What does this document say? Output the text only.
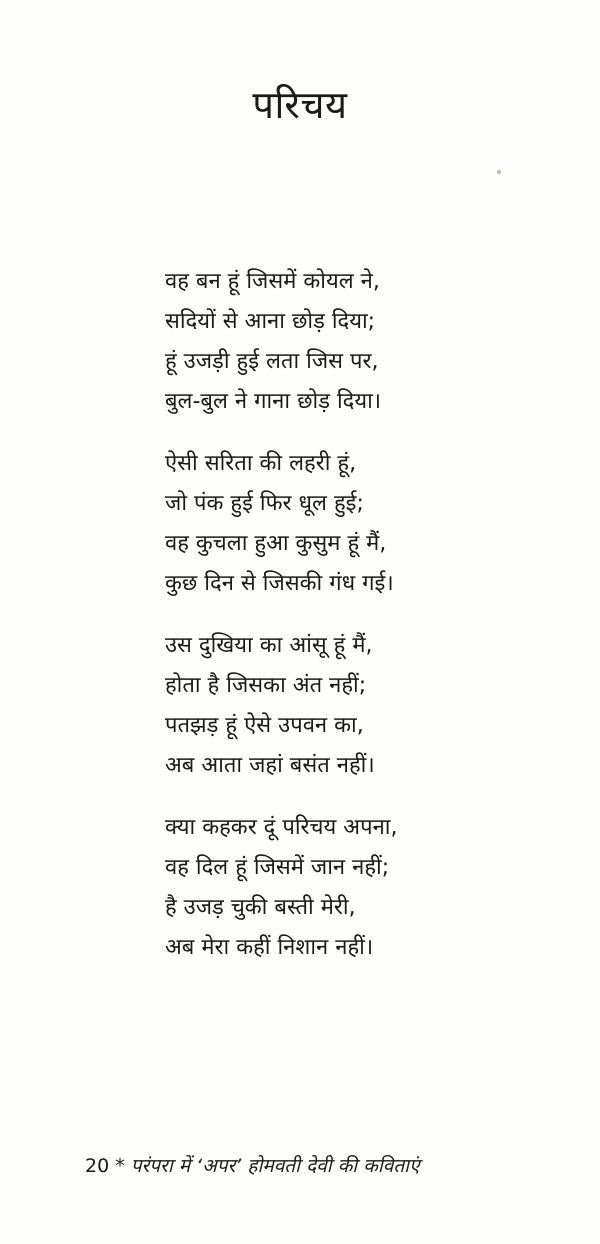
परिचय
वह बन हूं जिसमें कोयल ने,
सदियों से आना छोड़ दिया;
हूं उजड़ी हुई लता जिस पर,
बुल-बुल ने गाना छोड़ दिया।
ऐसी सरिता की लहरी हूं,
जो पंक हुई फिर धूल हुई;
वह कुचला हुआ कुसुम हूं मैं,
कुछ दिन से जिसकी गंध गई।
उस दुखिया का आंसू हूं मैं,
होता है जिसका अंत नहीं;
पतझड़ हूं ऐसे उपवन का,
अब आता जहां बसंत नहीं।
क्या कहकर दूं परिचय अपना,
वह दिल हूं जिसमें जान नहीं;
है उजड़ चुकी बस्ती मेरी,
अब मेरा कहीं निशान नहीं।
20 * परंपरा में ‘अपर’ होमवती देवी की कविताएं
